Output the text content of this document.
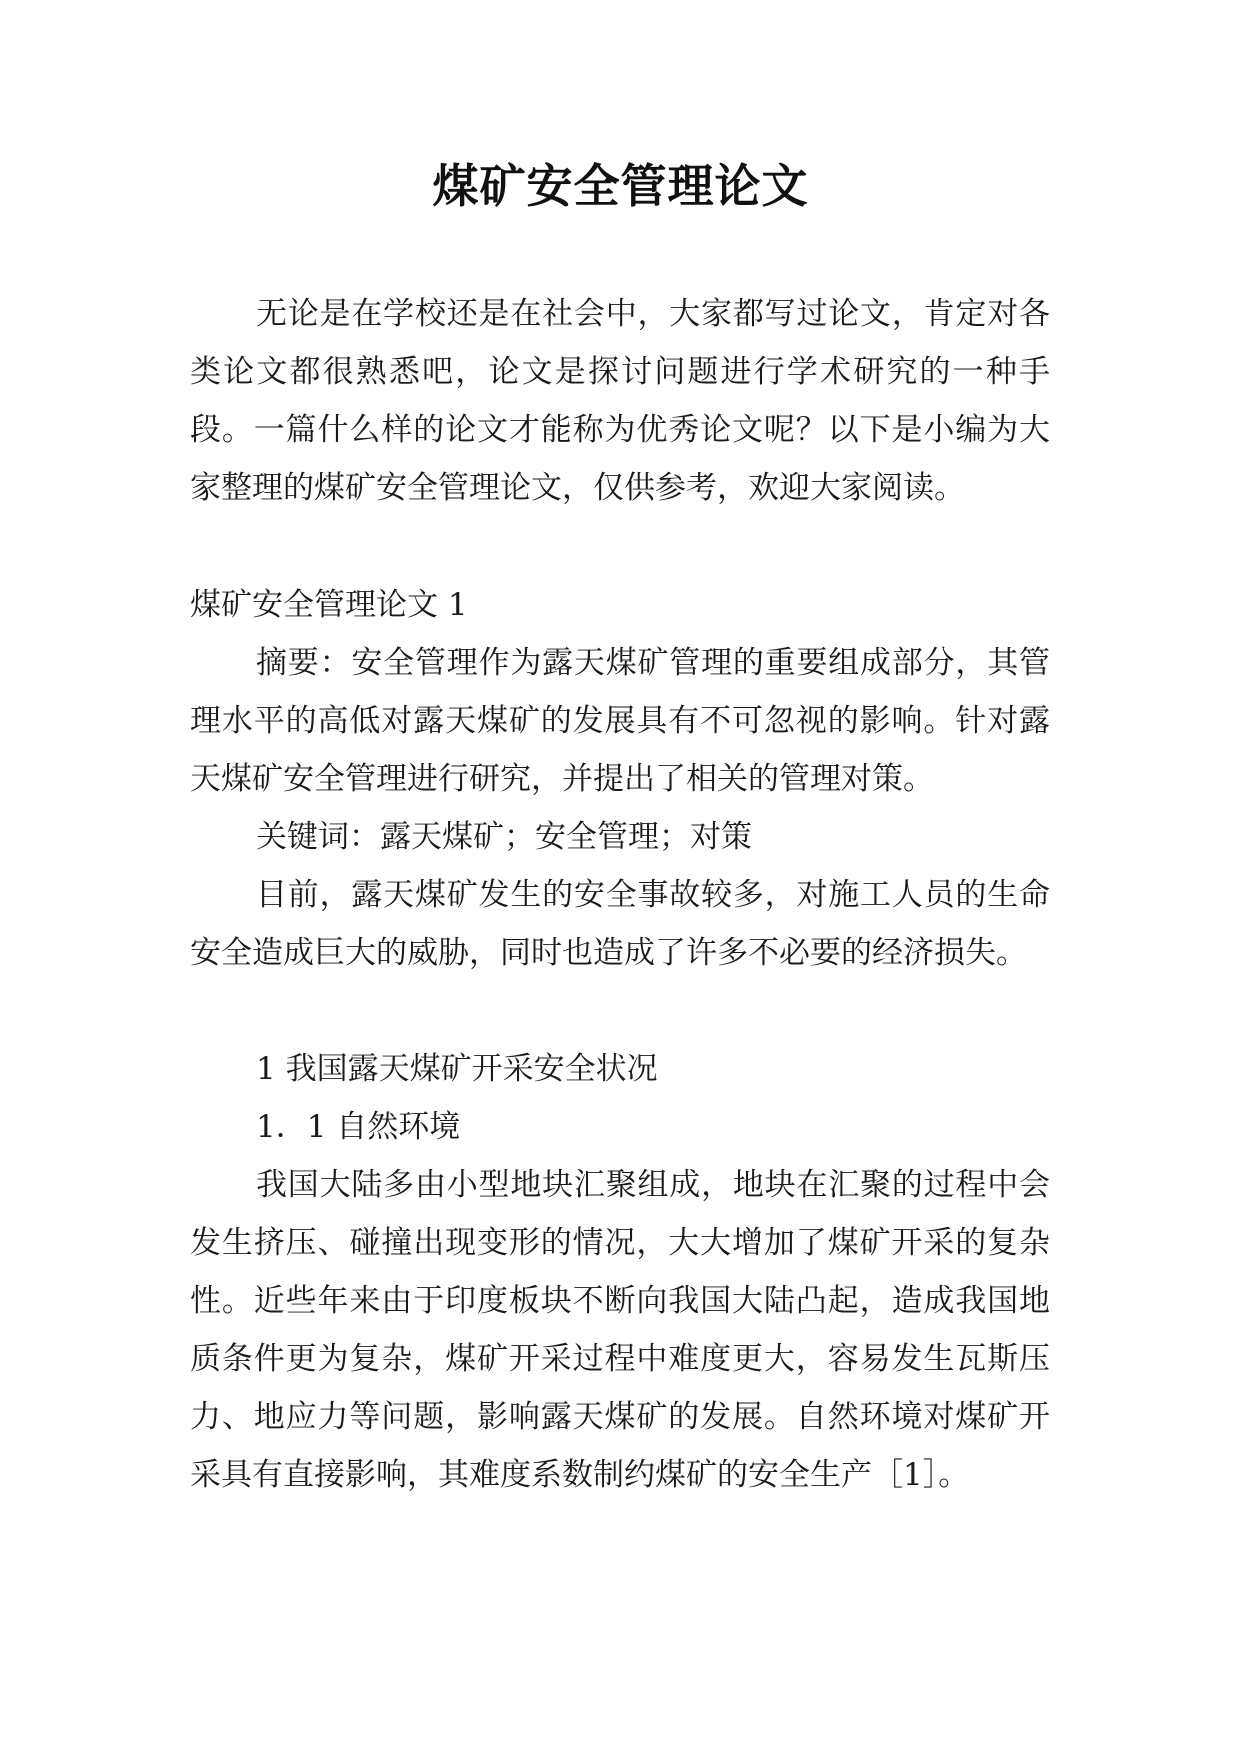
煤矿安全管理论文

无论是在学校还是在社会中，大家都写过论文，肯定对各类论文都很熟悉吧，论文是探讨问题进行学术研究的一种手段。一篇什么样的论文才能称为优秀论文呢？以下是小编为大家整理的煤矿安全管理论文，仅供参考，欢迎大家阅读。

煤矿安全管理论文 1

摘要：安全管理作为露天煤矿管理的重要组成部分，其管理水平的高低对露天煤矿的发展具有不可忽视的影响。针对露天煤矿安全管理进行研究，并提出了相关的管理对策。

关键词：露天煤矿；安全管理；对策

目前，露天煤矿发生的安全事故较多，对施工人员的生命安全造成巨大的威胁，同时也造成了许多不必要的经济损失。

1 我国露天煤矿开采安全状况

1．1 自然环境

我国大陆多由小型地块汇聚组成，地块在汇聚的过程中会发生挤压、碰撞出现变形的情况，大大增加了煤矿开采的复杂性。近些年来由于印度板块不断向我国大陆凸起，造成我国地质条件更为复杂，煤矿开采过程中难度更大，容易发生瓦斯压力、地应力等问题，影响露天煤矿的发展。自然环境对煤矿开采具有直接影响，其难度系数制约煤矿的安全生产［1］。
